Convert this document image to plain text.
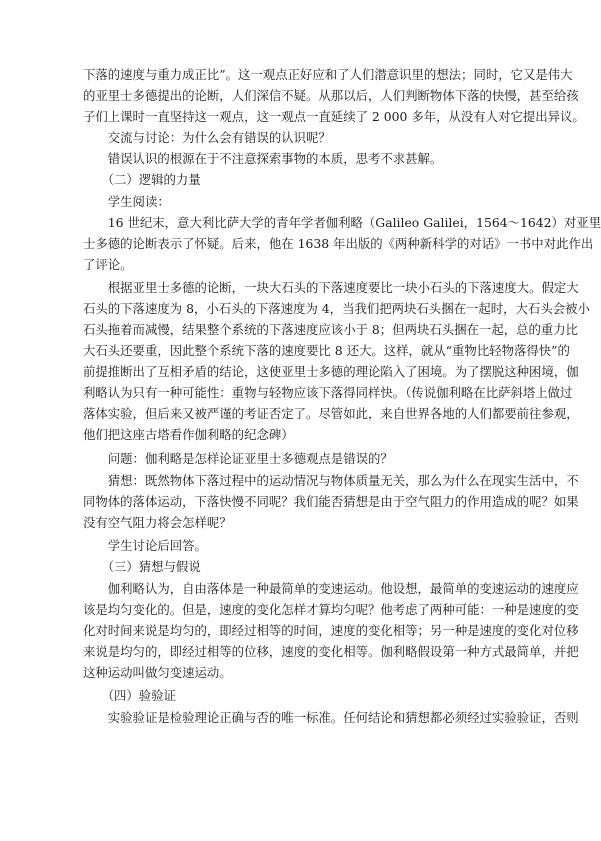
下落的速度与重力成正比”。这一观点正好应和了人们潜意识里的想法；同时，它又是伟大
的亚里士多德提出的论断，人们深信不疑。从那以后，人们判断物体下落的快慢，甚至给孩
子们上课时一直坚持这一观点，这一观点一直延续了 2 000 多年，从没有人对它提出异议。
　　交流与讨论：为什么会有错误的认识呢？
　　错误认识的根源在于不注意探索事物的本质，思考不求甚解。
　　（二）逻辑的力量
　　学生阅读：
　　16 世纪末，意大利比萨大学的青年学者伽利略（Galileo Galilei，1564～1642）对亚里
士多德的论断表示了怀疑。后来，他在 1638 年出版的《两种新科学的对话》一书中对此作出
了评论。
　　根据亚里士多德的论断，一块大石头的下落速度要比一块小石头的下落速度大。假定大
石头的下落速度为 8，小石头的下落速度为 4，当我们把两块石头捆在一起时，大石头会被小
石头拖着而减慢，结果整个系统的下落速度应该小于 8；但两块石头捆在一起，总的重力比
大石头还要重，因此整个系统下落的速度要比 8 还大。这样，就从“重物比轻物落得快”的
前提推断出了互相矛盾的结论，这使亚里士多德的理论陷入了困境。为了摆脱这种困境，伽
利略认为只有一种可能性：重物与轻物应该下落得同样快。（传说伽利略在比萨斜塔上做过
落体实验，但后来又被严谨的考证否定了。尽管如此，来自世界各地的人们都要前往参观，
他们把这座古塔看作伽利略的纪念碑）
　　问题：伽利略是怎样论证亚里士多德观点是错误的？
　　猜想：既然物体下落过程中的运动情况与物体质量无关，那么为什么在现实生活中，不
同物体的落体运动，下落快慢不同呢？我们能否猜想是由于空气阻力的作用造成的呢？如果
没有空气阻力将会怎样呢？
　　学生讨论后回答。
　　（三）猜想与假说
　　伽利略认为，自由落体是一种最简单的变速运动。他设想，最简单的变速运动的速度应
该是均匀变化的。但是，速度的变化怎样才算均匀呢？他考虑了两种可能：一种是速度的变
化对时间来说是均匀的，即经过相等的时间，速度的变化相等；另一种是速度的变化对位移
来说是均匀的，即经过相等的位移，速度的变化相等。伽利略假设第一种方式最简单，并把
这种运动叫做匀变速运动。
　　（四）验验证
　　实验验证是检验理论正确与否的唯一标准。任何结论和猜想都必须经过实验验证，否则
